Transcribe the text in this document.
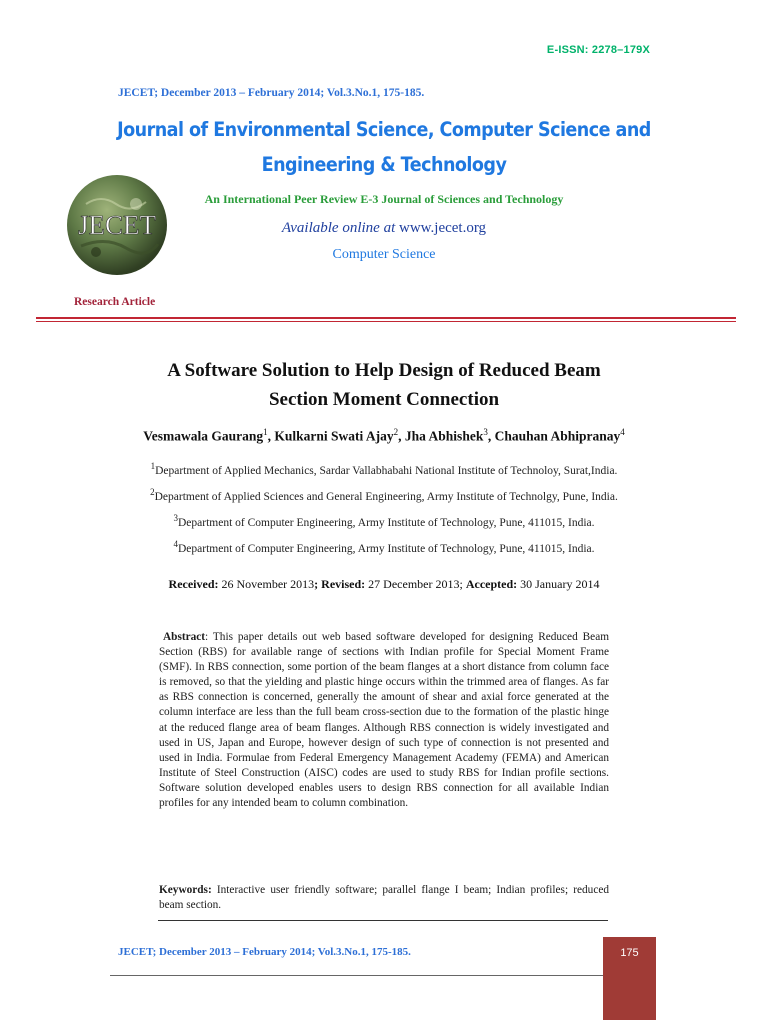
E-ISSN: 2278–179X
JECET; December 2013 – February 2014; Vol.3.No.1, 175-185.
Journal of Environmental Science, Computer Science and
Engineering & Technology
An International Peer Review E-3 Journal of Sciences and Technology
Available online at www.jecet.org
Computer Science
JECET
Research Article
A Software Solution to Help Design of Reduced Beam
Section Moment Connection
Vesmawala Gaurang$^1$, Kulkarni Swati Ajay$^2$, Jha Abhishek$^3$, Chauhan Abhipranay$^4$
$^1$Department of Applied Mechanics, Sardar Vallabhabahi National Institute of Technoloy, Surat,India.
$^2$Department of Applied Sciences and General Engineering, Army Institute of Technolgy, Pune, India.
$^3$Department of Computer Engineering, Army Institute of Technology, Pune, 411015, India.
$^4$Department of Computer Engineering, Army Institute of Technology, Pune, 411015, India.
Received: 26 November 2013; Revised: 27 December 2013; Accepted: 30 January 2014
Abstract: This paper details out web based software developed for designing Reduced Beam Section (RBS) for available range of sections with Indian profile for Special Moment Frame (SMF). In RBS connection, some portion of the beam flanges at a short distance from column face is removed, so that the yielding and plastic hinge occurs within the trimmed area of flanges. As far as RBS connection is concerned, generally the amount of shear and axial force generated at the column interface are less than the full beam cross-section due to the formation of the plastic hinge at the reduced flange area of beam flanges. Although RBS connection is widely investigated and used in US, Japan and Europe, however design of such type of connection is not presented and used in India. Formulae from Federal Emergency Management Academy (FEMA) and American Institute of Steel Construction (AISC) codes are used to study RBS for Indian profile sections. Software solution developed enables users to design RBS connection for all available Indian profiles for any intended beam to column combination.
Keywords: Interactive user friendly software; parallel flange I beam; Indian profiles; reduced beam section.
JECET; December 2013 – February 2014; Vol.3.No.1, 175-185.	175
